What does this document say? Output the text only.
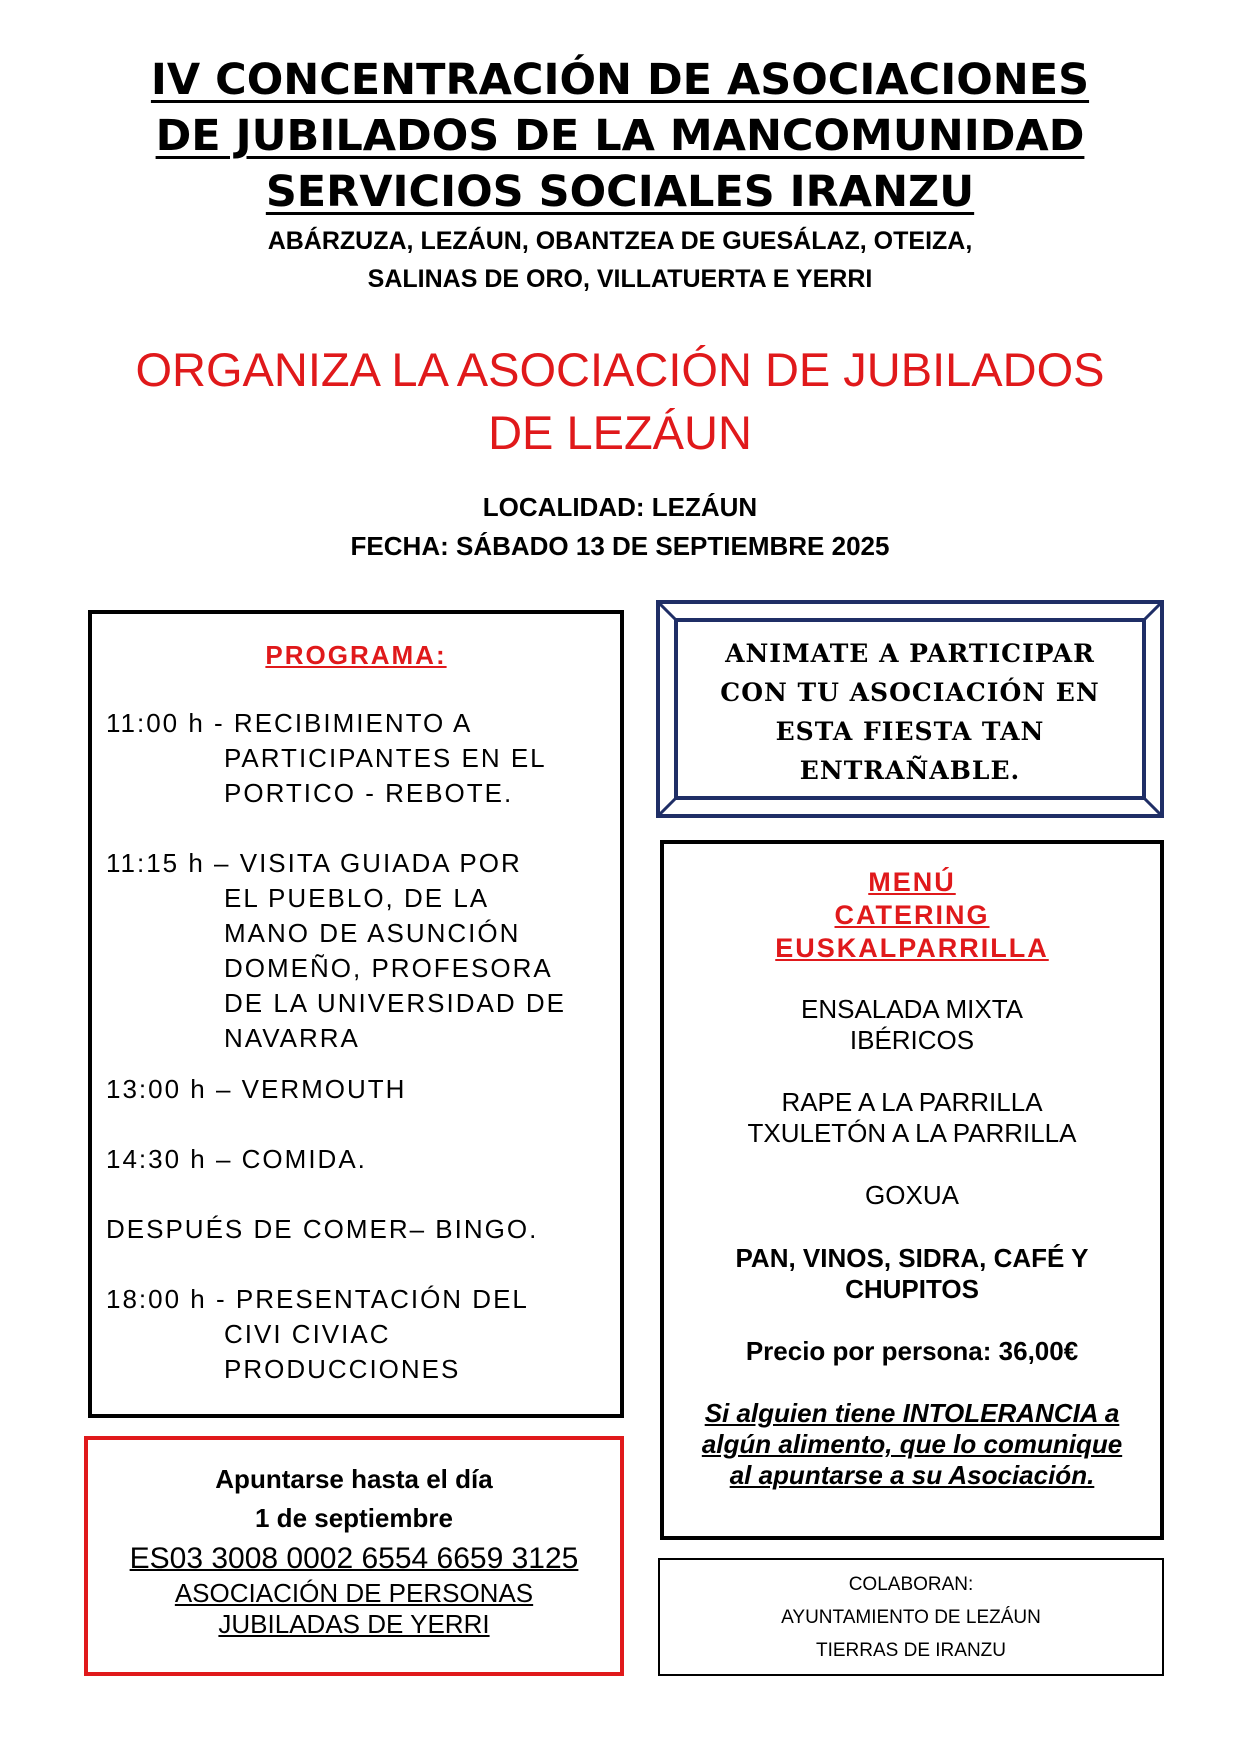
IV CONCENTRACIÓN DE ASOCIACIONES
DE JUBILADOS DE LA MANCOMUNIDAD
SERVICIOS SOCIALES IRANZU
ABÁRZUZA, LEZÁUN, OBANTZEA DE GUESÁLAZ, OTEIZA,
SALINAS DE ORO, VILLATUERTA E YERRI
ORGANIZA LA ASOCIACIÓN DE JUBILADOS
DE LEZÁUN
LOCALIDAD: LEZÁUN
FECHA: SÁBADO 13 DE SEPTIEMBRE 2025
PROGRAMA:
11:00 h - RECIBIMIENTO A
PARTICIPANTES EN EL
PORTICO - REBOTE.
11:15 h – VISITA GUIADA POR
EL PUEBLO, DE LA
MANO DE ASUNCIÓN
DOMEÑO, PROFESORA
DE LA UNIVERSIDAD DE
NAVARRA
13:00 h – VERMOUTH
14:30 h – COMIDA.
DESPUÉS DE COMER– BINGO.
18:00 h - PRESENTACIÓN DEL
CIVI CIVIAC
PRODUCCIONES
ANIMATE A PARTICIPAR
CON TU ASOCIACIÓN EN
ESTA FIESTA TAN
ENTRAÑABLE.
MENÚ
CATERING
EUSKALPARRILLA
ENSALADA MIXTA
IBÉRICOS
RAPE A LA PARRILLA
TXULETÓN A LA PARRILLA
GOXUA
PAN, VINOS, SIDRA, CAFÉ Y
CHUPITOS
Precio por persona: 36,00€
Si alguien tiene INTOLERANCIA a
algún alimento, que lo comunique
al apuntarse a su Asociación.
Apuntarse hasta el día
1 de septiembre
ES03 3008 0002 6554 6659 3125
ASOCIACIÓN DE PERSONAS
JUBILADAS DE YERRI
COLABORAN:
AYUNTAMIENTO DE LEZÁUN
TIERRAS DE IRANZU
